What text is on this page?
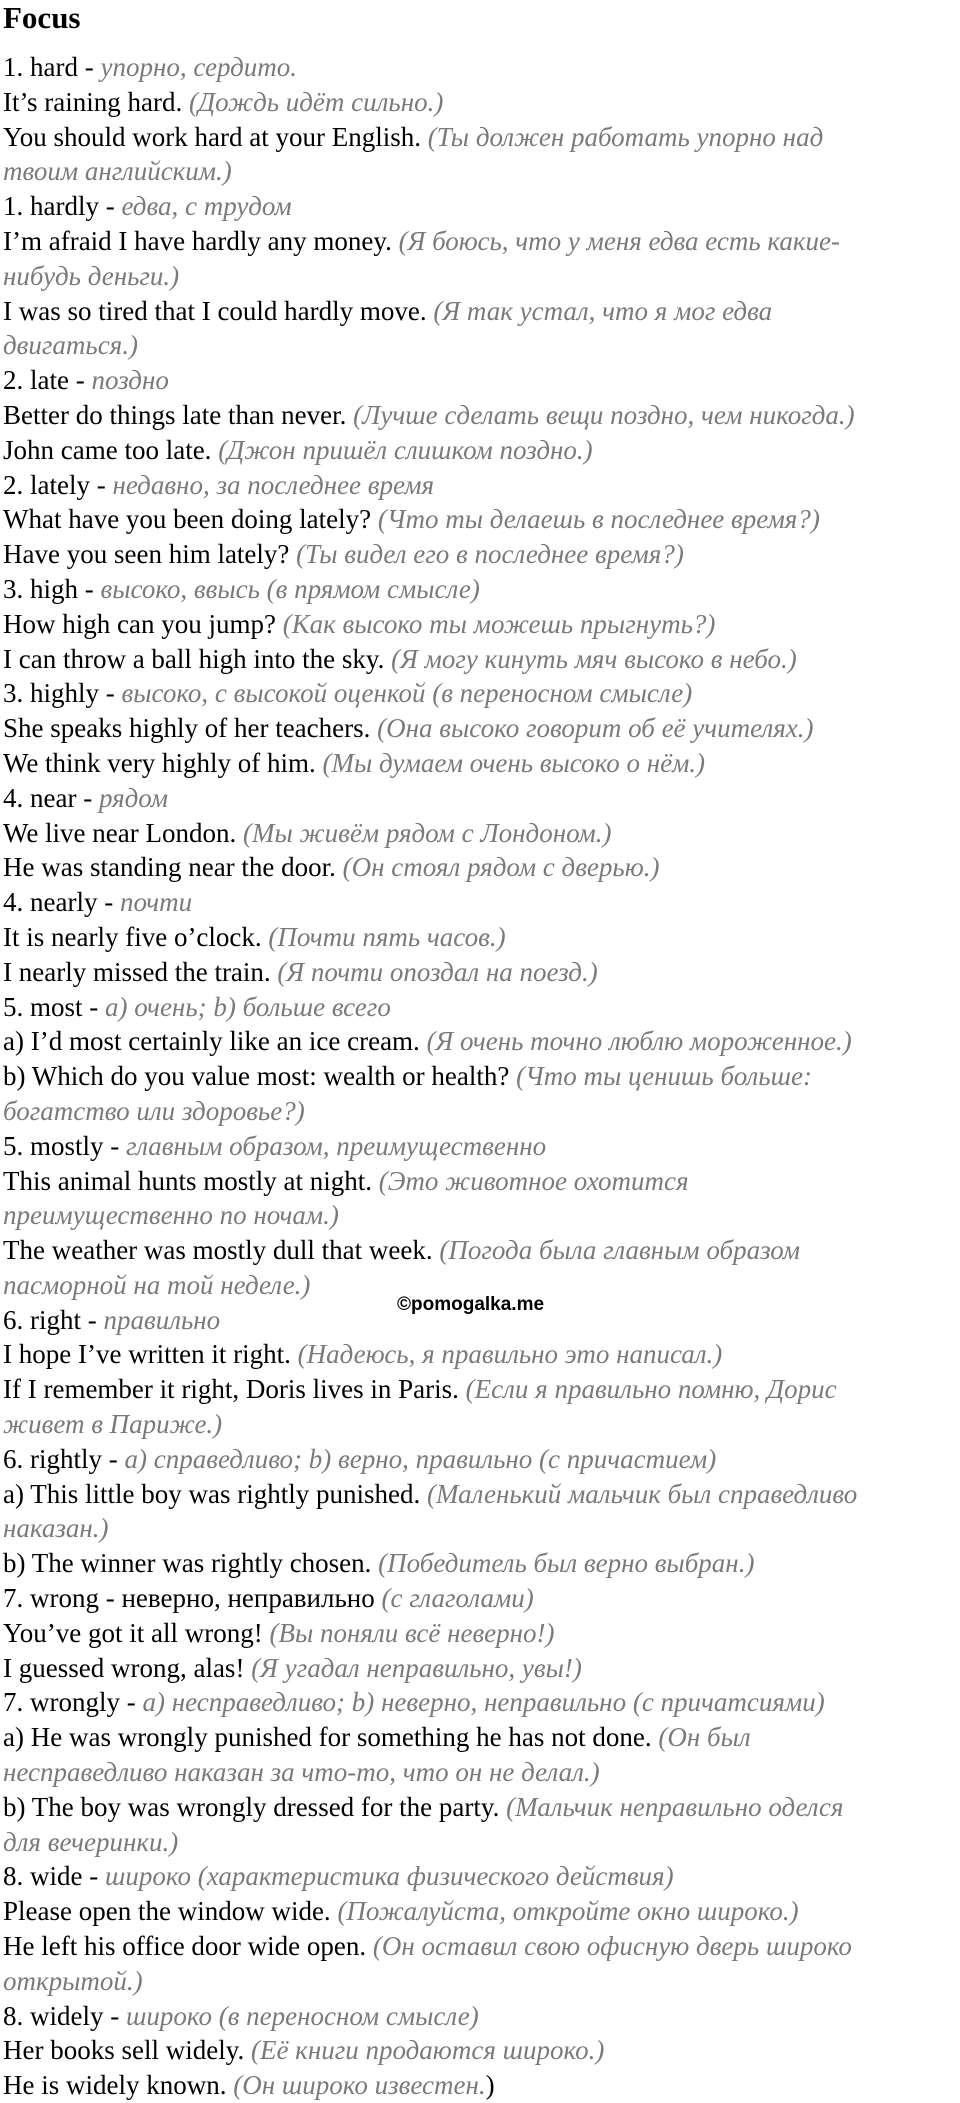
Focus
1. hard - упорно, сердито.
It’s raining hard. (Дождь идёт сильно.)
You should work hard at your English. (Ты должен работать упорно над
твоим английским.)
1. hardly - едва, с трудом
I’m afraid I have hardly any money. (Я боюсь, что у меня едва есть какие-
нибудь деньги.)
I was so tired that I could hardly move. (Я так устал, что я мог едва
двигаться.)
2. late - поздно
Better do things late than never. (Лучше сделать вещи поздно, чем никогда.)
John came too late. (Джон пришёл слишком поздно.)
2. lately - недавно, за последнее время
What have you been doing lately? (Что ты делаешь в последнее время?)
Have you seen him lately? (Ты видел его в последнее время?)
3. high - высоко, ввысь (в прямом смысле)
How high can you jump? (Как высоко ты можешь прыгнуть?)
I can throw a ball high into the sky. (Я могу кинуть мяч высоко в небо.)
3. highly - высоко, с высокой оценкой (в переносном смысле)
She speaks highly of her teachers. (Она высоко говорит об её учителях.)
We think very highly of him. (Мы думаем очень высоко о нём.)
4. near - рядом
We live near London. (Мы живём рядом с Лондоном.)
He was standing near the door. (Он стоял рядом с дверью.)
4. nearly - почти
It is nearly five o’clock. (Почти пять часов.)
I nearly missed the train. (Я почти опоздал на поезд.)
5. most - a) очень; b) больше всего
a) I’d most certainly like an ice cream. (Я очень точно люблю мороженное.)
b) Which do you value most: wealth or health? (Что ты ценишь больше:
богатство или здоровье?)
5. mostly - главным образом, преимущественно
This animal hunts mostly at night. (Это животное охотится
преимущественно по ночам.)
The weather was mostly dull that week. (Погода была главным образом
пасморной на той неделе.)
6. right - правильно
I hope I’ve written it right. (Надеюсь, я правильно это написал.)
If I remember it right, Doris lives in Paris. (Если я правильно помню, Дорис
живет в Париже.)
6. rightly - a) справедливо; b) верно, правильно (с причастием)
a) This little boy was rightly punished. (Маленький мальчик был справедливо
наказан.)
b) The winner was rightly chosen. (Победитель был верно выбран.)
7. wrong - неверно, неправильно (с глаголами)
You’ve got it all wrong! (Вы поняли всё неверно!)
I guessed wrong, alas! (Я угадал неправильно, увы!)
7. wrongly - a) несправедливо; b) неверно, неправильно (с причатсиями)
a) He was wrongly punished for something he has not done. (Он был
несправедливо наказан за что-то, что он не делал.)
b) The boy was wrongly dressed for the party. (Мальчик неправильно оделся
для вечеринки.)
8. wide - широко (характеристика физического действия)
Please open the window wide. (Пожалуйста, откройте окно широко.)
He left his office door wide open. (Он оставил свою офисную дверь широко
открытой.)
8. widely - широко (в переносном смысле)
Her books sell widely. (Её книги продаются широко.)
He is widely known. (Он широко известен.)
©pomogalka.me
